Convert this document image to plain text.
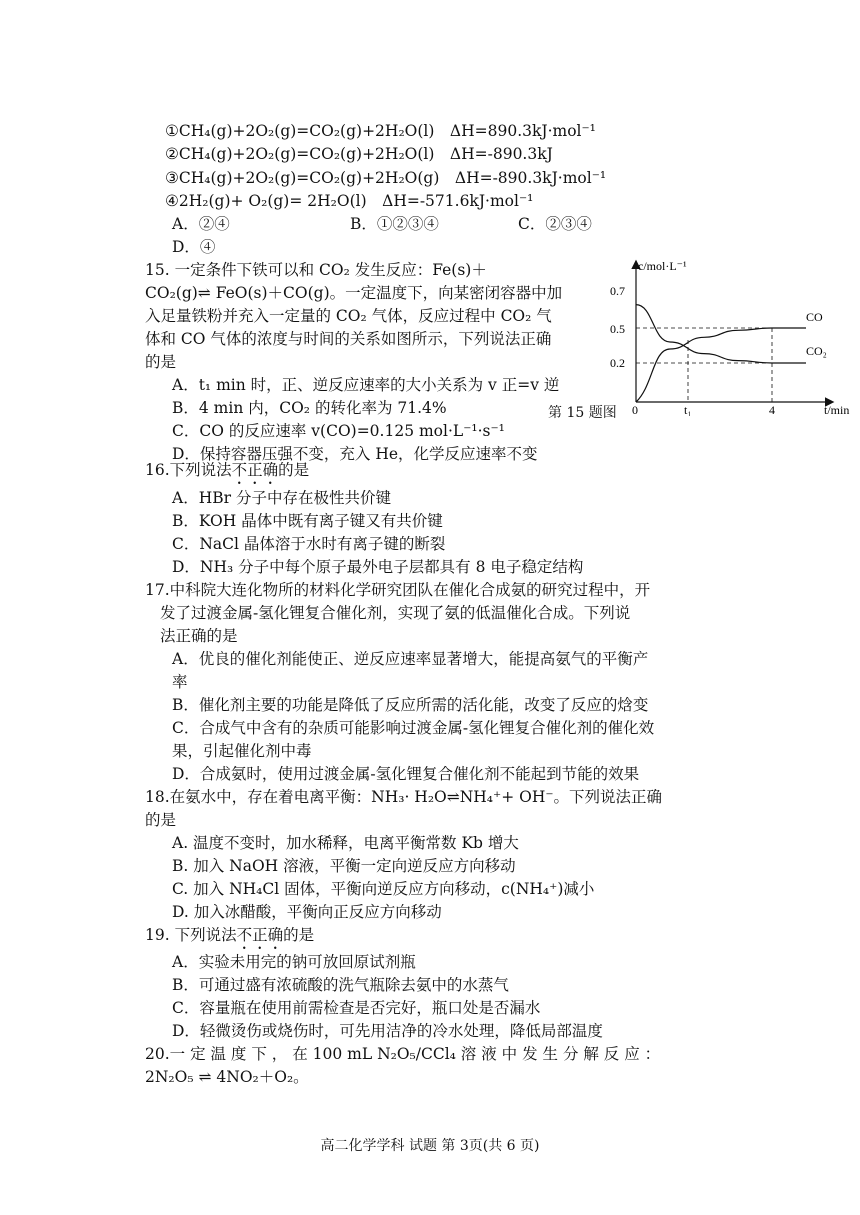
①CH₄(g)+2O₂(g)=CO₂(g)+2H₂O(l)　ΔH=890.3kJ·mol⁻¹
②CH₄(g)+2O₂(g)=CO₂(g)+2H₂O(l)　ΔH=-890.3kJ
③CH₄(g)+2O₂(g)=CO₂(g)+2H₂O(g)　ΔH=-890.3kJ·mol⁻¹
④2H₂(g)+ O₂(g)= 2H₂O(l)　ΔH=-571.6kJ·mol⁻¹
A．②④	B．①②③④	C．②③④
D．④
15. 一定条件下铁可以和 CO₂ 发生反应：Fe(s)＋
CO₂(g)⇌ FeO(s)＋CO(g)。一定温度下，向某密闭容器中加
入足量铁粉并充入一定量的 CO₂ 气体，反应过程中 CO₂ 气
体和 CO 气体的浓度与时间的关系如图所示，下列说法正确
的是
A．t₁ min 时，正、逆反应速率的大小关系为 v 正=v 逆
B．4 min 内，CO₂ 的转化率为 71.4%
C．CO 的反应速率 v(CO)=0.125 mol·L⁻¹·s⁻¹
D．保持容器压强不变，充入 He，化学反应速率不变
第 15 题图
c/mol·L⁻¹
t/min
0.7
0.5
0.2
0	t₁	4
CO
CO₂
16.下列说法不正确的是
A．HBr 分子中存在极性共价键
B．KOH 晶体中既有离子键又有共价键
C．NaCl 晶体溶于水时有离子键的断裂
D．NH₃ 分子中每个原子最外电子层都具有 8 电子稳定结构
17.中科院大连化物所的材料化学研究团队在催化合成氨的研究过程中，开
发了过渡金属-氢化锂复合催化剂，实现了氨的低温催化合成。下列说
法正确的是
A．优良的催化剂能使正、逆反应速率显著增大，能提高氨气的平衡产
率
B．催化剂主要的功能是降低了反应所需的活化能，改变了反应的焓变
C．合成气中含有的杂质可能影响过渡金属-氢化锂复合催化剂的催化效
果，引起催化剂中毒
D．合成氨时，使用过渡金属-氢化锂复合催化剂不能起到节能的效果
18.在氨水中，存在着电离平衡：NH₃· H₂O⇌NH₄⁺+ OH⁻。下列说法正确
的是
A. 温度不变时，加水稀释，电离平衡常数 Kb 增大
B. 加入 NaOH 溶液，平衡一定向逆反应方向移动
C. 加入 NH₄Cl 固体，平衡向逆反应方向移动，c(NH₄⁺)减小
D. 加入冰醋酸，平衡向正反应方向移动
19. 下列说法不正确的是
A．实验未用完的钠可放回原试剂瓶
B．可通过盛有浓硫酸的洗气瓶除去氨中的水蒸气
C．容量瓶在使用前需检查是否完好，瓶口处是否漏水
D．轻微烫伤或烧伤时，可先用洁净的冷水处理，降低局部温度
20.一 定 温 度 下 ， 在 100 mL N₂O₅/CCl₄ 溶 液 中 发 生 分 解 反 应 ：
2N₂O₅ ⇌ 4NO₂＋O₂。
高二化学学科 试题 第 3页(共 6 页)
